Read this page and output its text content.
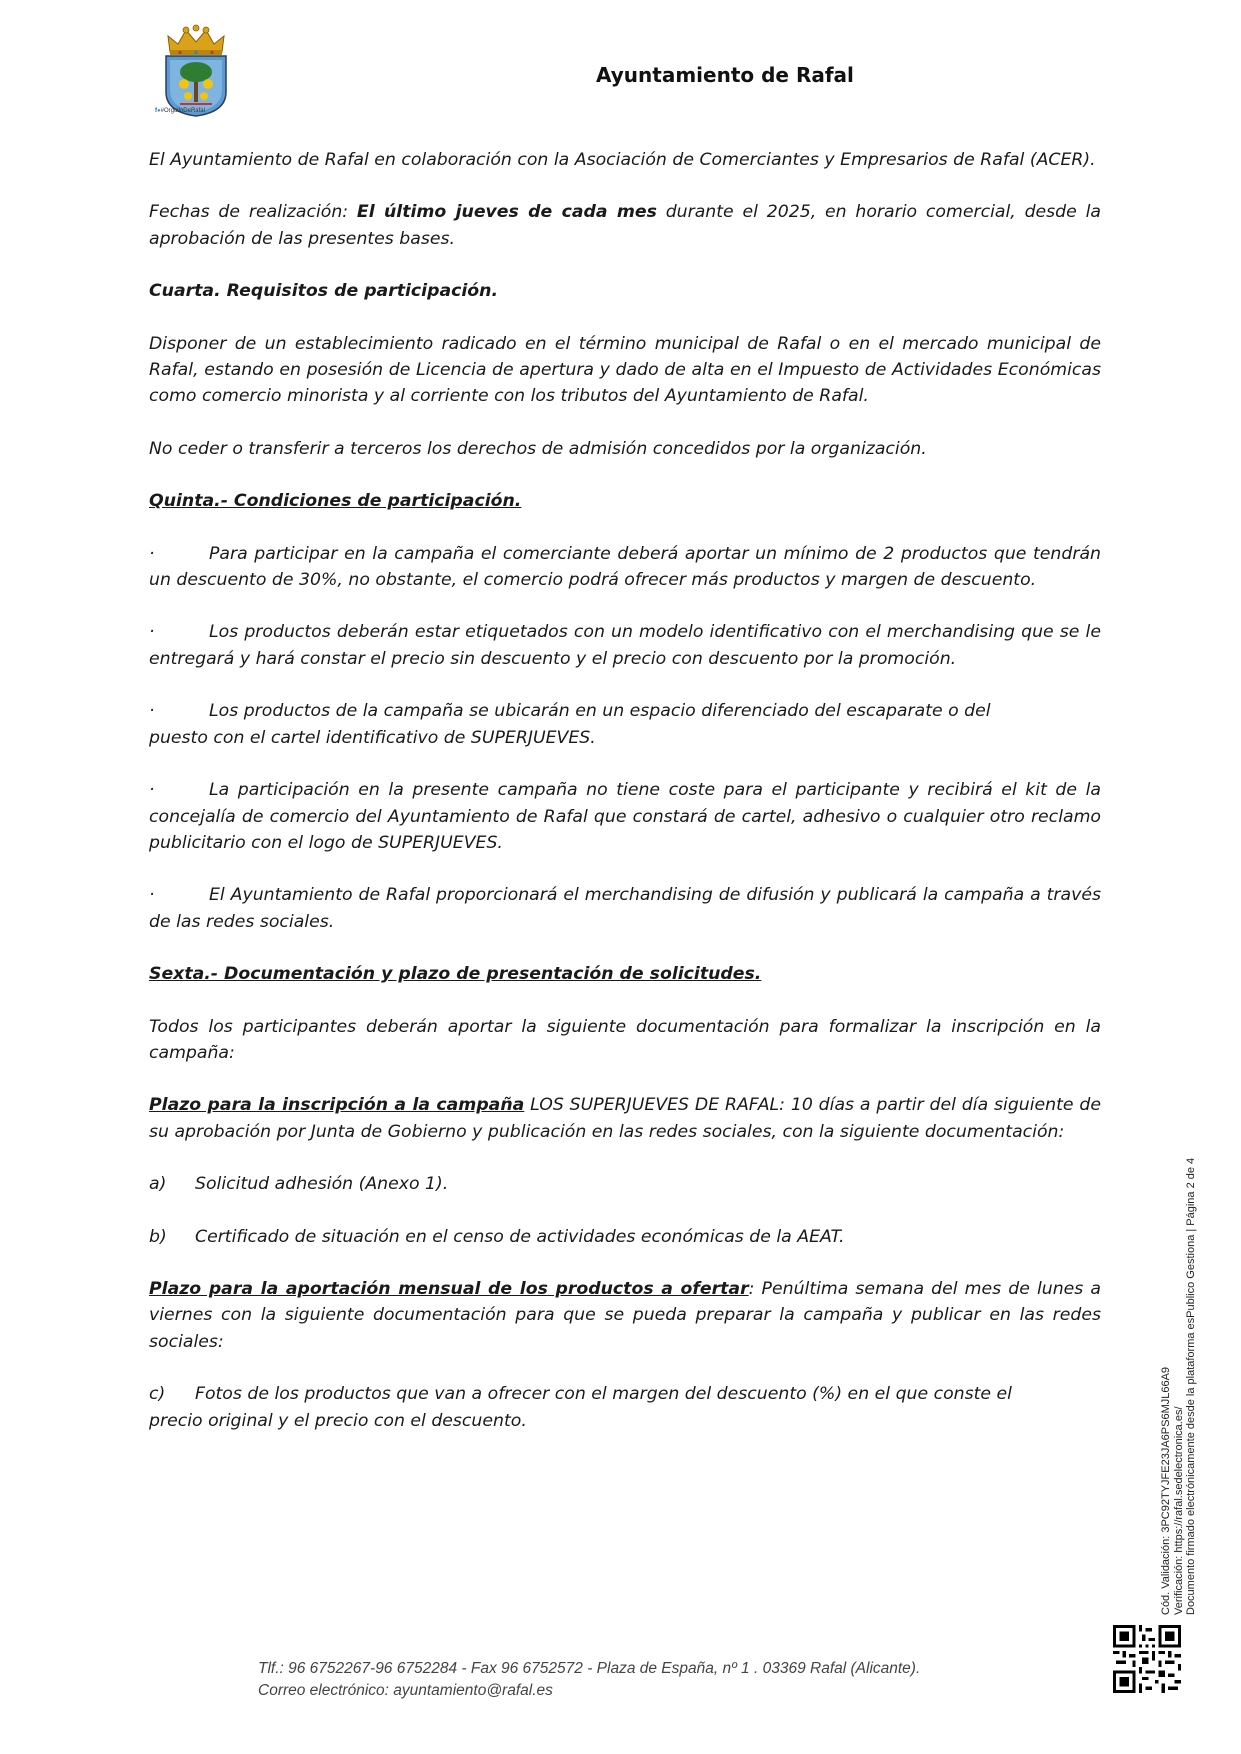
f●#OrgulloDeRafal
Ayuntamiento de Rafal

El Ayuntamiento de Rafal en colaboración con la Asociación de Comerciantes y Empresarios de Rafal (ACER).

Fechas de realización: El último jueves de cada mes durante el 2025, en horario comercial, desde la aprobación de las presentes bases.

Cuarta. Requisitos de participación.

Disponer de un establecimiento radicado en el término municipal de Rafal o en el mercado municipal de Rafal, estando en posesión de Licencia de apertura y dado de alta en el Impuesto de Actividades Económicas como comercio minorista y al corriente con los tributos del Ayuntamiento de Rafal.

No ceder o transferir a terceros los derechos de admisión concedidos por la organización.

Quinta.- Condiciones de participación.

·	Para participar en la campaña el comerciante deberá aportar un mínimo de 2 productos que tendrán un descuento de 30%, no obstante, el comercio podrá ofrecer más productos y margen de descuento.

·	Los productos deberán estar etiquetados con un modelo identificativo con el merchandising que se le entregará y hará constar el precio sin descuento y el precio con descuento por la promoción.

·	Los productos de la campaña se ubicarán en un espacio diferenciado del escaparate o del
puesto con el cartel identificativo de SUPERJUEVES.

·	La participación en la presente campaña no tiene coste para el participante y recibirá el kit de la concejalía de comercio del Ayuntamiento de Rafal que constará de cartel, adhesivo o cualquier otro reclamo publicitario con el logo de SUPERJUEVES.

·	El Ayuntamiento de Rafal proporcionará el merchandising de difusión y publicará la campaña a través de las redes sociales.

Sexta.- Documentación y plazo de presentación de solicitudes.

Todos los participantes deberán aportar la siguiente documentación para formalizar la inscripción en la campaña:

Plazo para la inscripción a la campaña LOS SUPERJUEVES DE RAFAL: 10 días a partir del día siguiente de su aprobación por Junta de Gobierno y publicación en las redes sociales, con la siguiente documentación:

a) Solicitud adhesión (Anexo 1).

b) Certificado de situación en el censo de actividades económicas de la AEAT.

Plazo para la aportación mensual de los productos a ofertar: Penúltima semana del mes de lunes a viernes con la siguiente documentación para que se pueda preparar la campaña y publicar en las redes sociales:

c) Fotos de los productos que van a ofrecer con el margen del descuento (%) en el que conste el
precio original y el precio con el descuento.

Tlf.: 96 6752267-96 6752284 - Fax 96 6752572 - Plaza de España, nº 1 . 03369 Rafal (Alicante).
Correo electrónico: ayuntamiento@rafal.es
Cód. Validación: 3PC92TYJFE23JA6PS6MJL66A9 Verificación: https://rafal.sedelectronica.es/ Documento firmado electrónicamente desde la plataforma esPublico Gestiona | Página 2 de 4
